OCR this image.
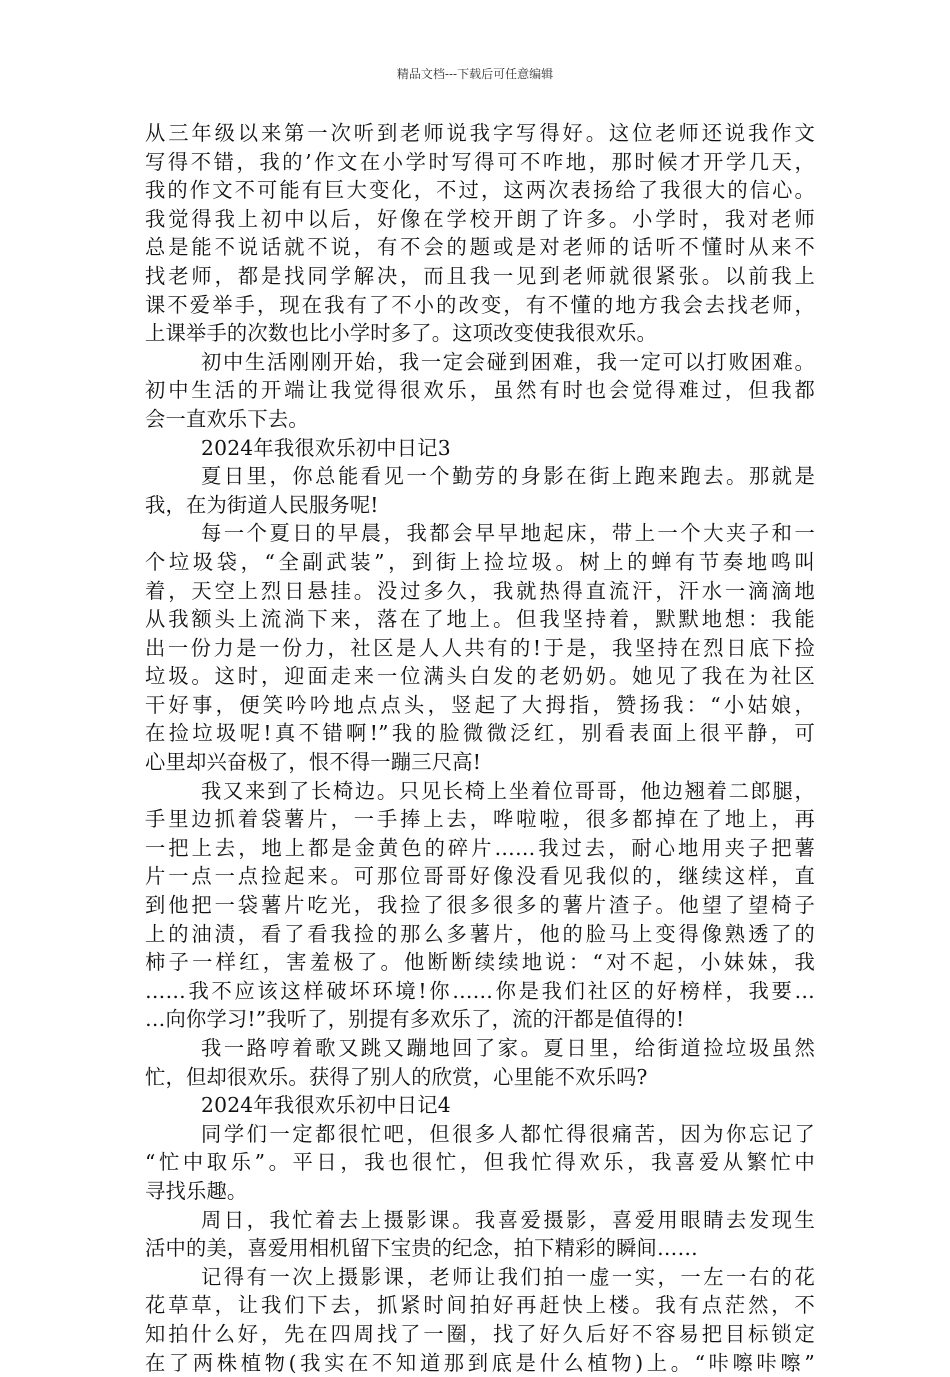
精品文档---下载后可任意编辑
从三年级以来第一次听到老师说我字写得好。这位老师还说我作文
写得不错，我的’作文在小学时写得可不咋地，那时候才开学几天，
我的作文不可能有巨大变化，不过，这两次表扬给了我很大的信心。
我觉得我上初中以后，好像在学校开朗了许多。小学时，我对老师
总是能不说话就不说，有不会的题或是对老师的话听不懂时从来不
找老师，都是找同学解决，而且我一见到老师就很紧张。以前我上
课不爱举手，现在我有了不小的改变，有不懂的地方我会去找老师，
上课举手的次数也比小学时多了。这项改变使我很欢乐。
初中生活刚刚开始，我一定会碰到困难，我一定可以打败困难。
初中生活的开端让我觉得很欢乐，虽然有时也会觉得难过，但我都
会一直欢乐下去。
2024年我很欢乐初中日记3
夏日里，你总能看见一个勤劳的身影在街上跑来跑去。那就是
我，在为街道人民服务呢!
每一个夏日的早晨，我都会早早地起床，带上一个大夹子和一
个垃圾袋，“全副武装”，到街上捡垃圾。树上的蝉有节奏地鸣叫
着，天空上烈日悬挂。没过多久，我就热得直流汗，汗水一滴滴地
从我额头上流淌下来，落在了地上。但我坚持着，默默地想：我能
出一份力是一份力，社区是人人共有的!于是，我坚持在烈日底下捡
垃圾。这时，迎面走来一位满头白发的老奶奶。她见了我在为社区
干好事，便笑吟吟地点点头，竖起了大拇指，赞扬我：“小姑娘，
在捡垃圾呢!真不错啊!”我的脸微微泛红，别看表面上很平静，可
心里却兴奋极了，恨不得一蹦三尺高!
我又来到了长椅边。只见长椅上坐着位哥哥，他边翘着二郎腿，
手里边抓着袋薯片，一手捧上去，哗啦啦，很多都掉在了地上，再
一把上去，地上都是金黄色的碎片……我过去，耐心地用夹子把薯
片一点一点捡起来。可那位哥哥好像没看见我似的，继续这样，直
到他把一袋薯片吃光，我捡了很多很多的薯片渣子。他望了望椅子
上的油渍，看了看我捡的那么多薯片，他的脸马上变得像熟透了的
柿子一样红，害羞极了。他断断续续地说：“对不起，小妹妹，我
……我不应该这样破坏环境!你……你是我们社区的好榜样，我要…
…向你学习!”我听了，别提有多欢乐了，流的汗都是值得的!
我一路哼着歌又跳又蹦地回了家。夏日里，给街道捡垃圾虽然
忙，但却很欢乐。获得了别人的欣赏，心里能不欢乐吗?
2024年我很欢乐初中日记4
同学们一定都很忙吧，但很多人都忙得很痛苦，因为你忘记了
“忙中取乐”。平日，我也很忙，但我忙得欢乐，我喜爱从繁忙中
寻找乐趣。
周日，我忙着去上摄影课。我喜爱摄影，喜爱用眼睛去发现生
活中的美，喜爱用相机留下宝贵的纪念，拍下精彩的瞬间……
记得有一次上摄影课，老师让我们拍一虚一实，一左一右的花
花草草，让我们下去，抓紧时间拍好再赶快上楼。我有点茫然，不
知拍什么好，先在四周找了一圈，找了好久后好不容易把目标锁定
在了两株植物(我实在不知道那到底是什么植物)上。“咔嚓咔嚓”
